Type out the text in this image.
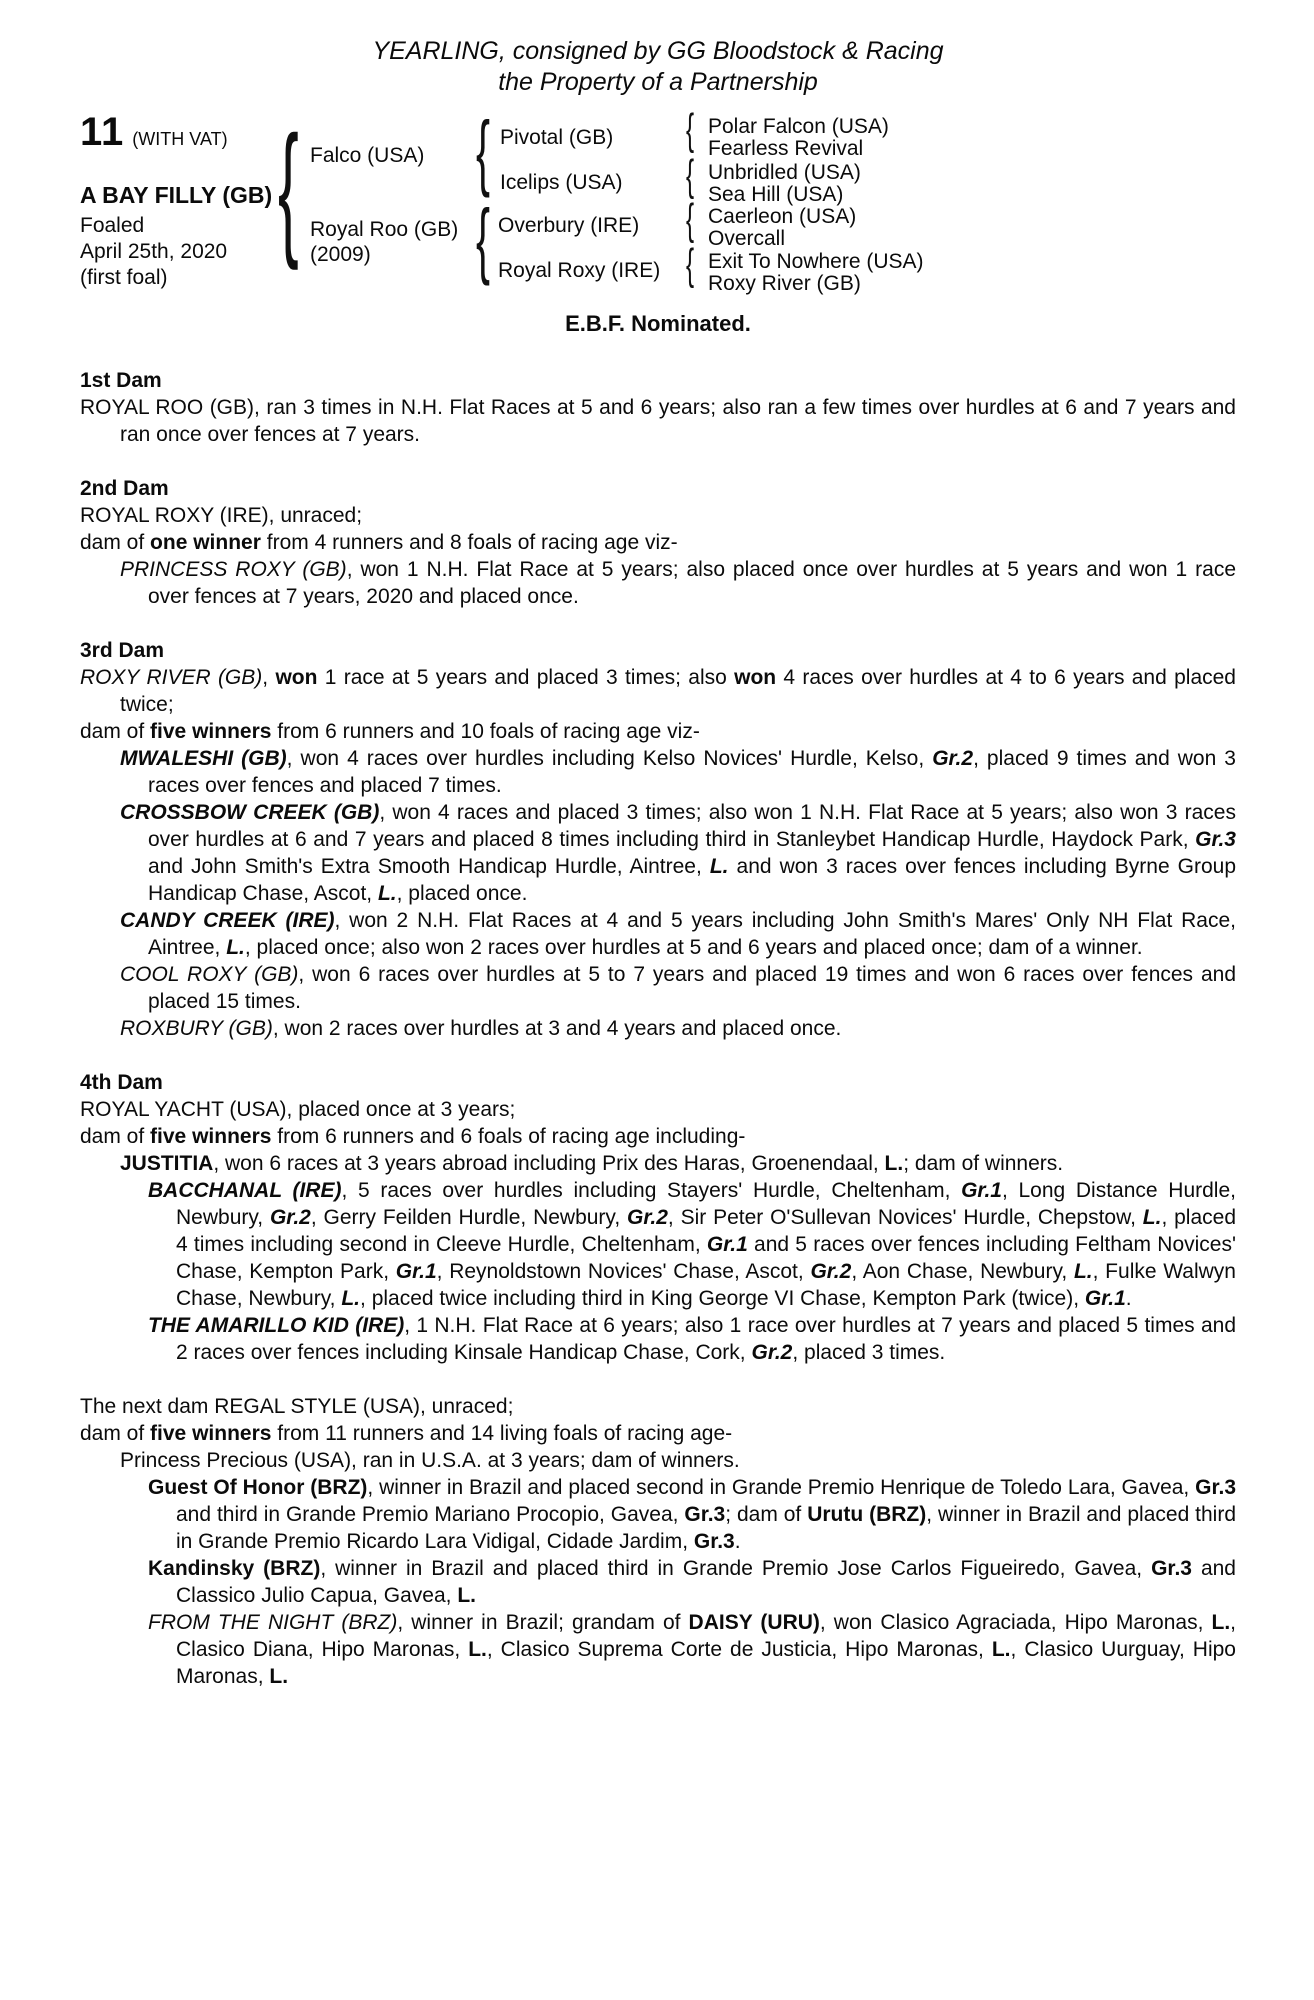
YEARLING, consigned by GG Bloodstock & Racing
the Property of a Partnership
11 (WITH VAT)
A BAY FILLY (GB)
Foaled
April 25th, 2020
(first foal)
{
Falco (USA)
Royal Roo (GB)
(2009)
{
{
Pivotal (GB)
Icelips (USA)
Overbury (IRE)
Royal Roxy (IRE)
{
{
{
{
Polar Falcon (USA)
Fearless Revival
Unbridled (USA)
Sea Hill (USA)
Caerleon (USA)
Overcall
Exit To Nowhere (USA)
Roxy River (GB)

E.B.F. Nominated.

1st Dam

ROYAL ROO (GB), ran 3 times in N.H. Flat Races at 5 and 6 years; also ran a few times over hurdles at 6 and 7 years and ran once over fences at 7 years.

2nd Dam

ROYAL ROXY (IRE), unraced;

dam of one winner from 4 runners and 8 foals of racing age viz-

PRINCESS ROXY (GB), won 1 N.H. Flat Race at 5 years; also placed once over hurdles at 5 years and won 1 race over fences at 7 years, 2020 and placed once.

3rd Dam

ROXY RIVER (GB), won 1 race at 5 years and placed 3 times; also won 4 races over hurdles at 4 to 6 years and placed twice;

dam of five winners from 6 runners and 10 foals of racing age viz-

MWALESHI (GB), won 4 races over hurdles including Kelso Novices' Hurdle, Kelso, Gr.2, placed 9 times and won 3 races over fences and placed 7 times.

CROSSBOW CREEK (GB), won 4 races and placed 3 times; also won 1 N.H. Flat Race at 5 years; also won 3 races over hurdles at 6 and 7 years and placed 8 times including third in Stanleybet Handicap Hurdle, Haydock Park, Gr.3 and John Smith's Extra Smooth Handicap Hurdle, Aintree, L. and won 3 races over fences including Byrne Group Handicap Chase, Ascot, L., placed once.

CANDY CREEK (IRE), won 2 N.H. Flat Races at 4 and 5 years including John Smith's Mares' Only NH Flat Race, Aintree, L., placed once; also won 2 races over hurdles at 5 and 6 years and placed once; dam of a winner.

COOL ROXY (GB), won 6 races over hurdles at 5 to 7 years and placed 19 times and won 6 races over fences and placed 15 times.

ROXBURY (GB), won 2 races over hurdles at 3 and 4 years and placed once.

4th Dam

ROYAL YACHT (USA), placed once at 3 years;

dam of five winners from 6 runners and 6 foals of racing age including-

JUSTITIA, won 6 races at 3 years abroad including Prix des Haras, Groenendaal, L.; dam of winners.

BACCHANAL (IRE), 5 races over hurdles including Stayers' Hurdle, Cheltenham, Gr.1, Long Distance Hurdle, Newbury, Gr.2, Gerry Feilden Hurdle, Newbury, Gr.2, Sir Peter O'Sullevan Novices' Hurdle, Chepstow, L., placed 4 times including second in Cleeve Hurdle, Cheltenham, Gr.1 and 5 races over fences including Feltham Novices' Chase, Kempton Park, Gr.1, Reynoldstown Novices' Chase, Ascot, Gr.2, Aon Chase, Newbury, L., Fulke Walwyn Chase, Newbury, L., placed twice including third in King George VI Chase, Kempton Park (twice), Gr.1.

THE AMARILLO KID (IRE), 1 N.H. Flat Race at 6 years; also 1 race over hurdles at 7 years and placed 5 times and 2 races over fences including Kinsale Handicap Chase, Cork, Gr.2, placed 3 times.

The next dam REGAL STYLE (USA), unraced;

dam of five winners from 11 runners and 14 living foals of racing age-

Princess Precious (USA), ran in U.S.A. at 3 years; dam of winners.

Guest Of Honor (BRZ), winner in Brazil and placed second in Grande Premio Henrique de Toledo Lara, Gavea, Gr.3 and third in Grande Premio Mariano Procopio, Gavea, Gr.3; dam of Urutu (BRZ), winner in Brazil and placed third in Grande Premio Ricardo Lara Vidigal, Cidade Jardim, Gr.3.

Kandinsky (BRZ), winner in Brazil and placed third in Grande Premio Jose Carlos Figueiredo, Gavea, Gr.3 and Classico Julio Capua, Gavea, L.

FROM THE NIGHT (BRZ), winner in Brazil; grandam of DAISY (URU), won Clasico Agraciada, Hipo Maronas, L., Clasico Diana, Hipo Maronas, L., Clasico Suprema Corte de Justicia, Hipo Maronas, L., Clasico Uurguay, Hipo Maronas, L.
